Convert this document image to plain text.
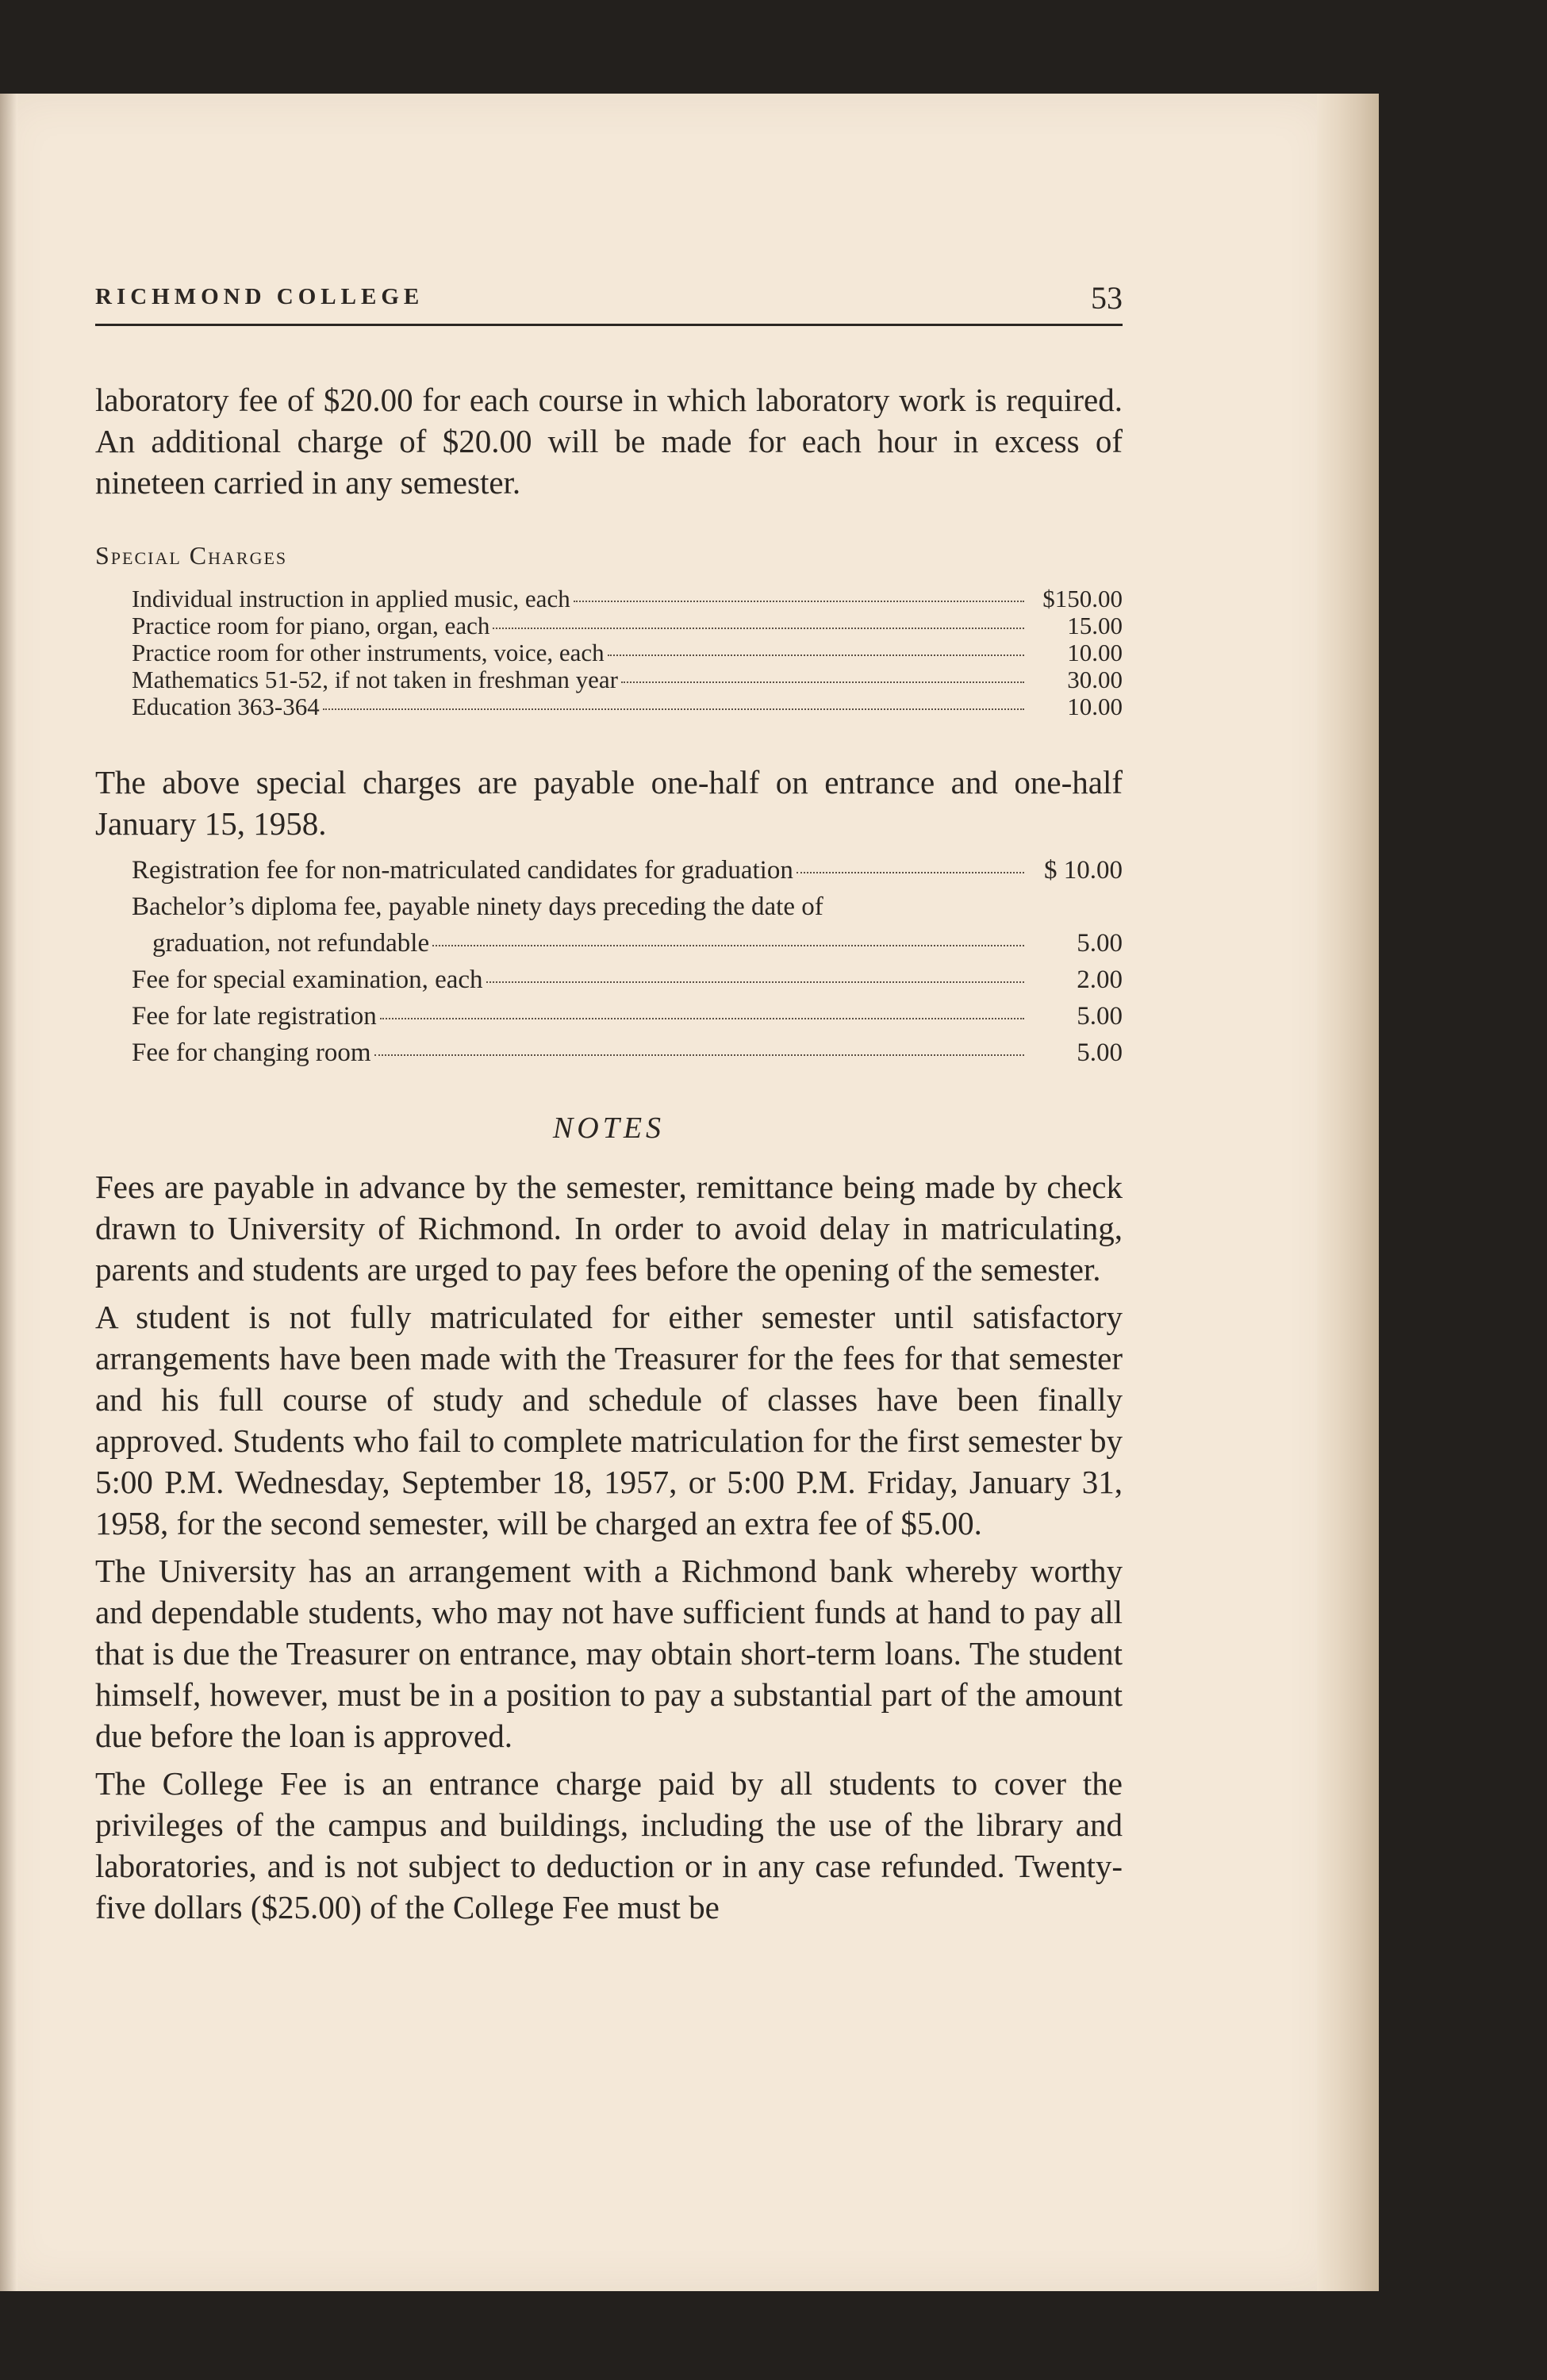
RICHMOND COLLEGE	53

laboratory fee of $20.00 for each course in which laboratory work is required. An additional charge of $20.00 will be made for each hour in excess of nineteen carried in any semester.

Special Charges
Individual instruction in applied music, each	$150.00
Practice room for piano, organ, each	15.00
Practice room for other instruments, voice, each	10.00
Mathematics 51-52, if not taken in freshman year	30.00
Education 363-364	10.00

The above special charges are payable one-half on entrance and one-half January 15, 1958.

Registration fee for non-matriculated candidates for graduation	$ 10.00
Bachelor’s diploma fee, payable ninety days preceding the date of
graduation, not refundable	5.00
Fee for special examination, each	2.00
Fee for late registration	5.00
Fee for changing room	5.00
NOTES

Fees are payable in advance by the semester, remittance being made by check drawn to University of Richmond. In order to avoid delay in matriculating, parents and students are urged to pay fees before the opening of the semester.

A student is not fully matriculated for either semester until satisfactory arrangements have been made with the Treasurer for the fees for that semester and his full course of study and schedule of classes have been finally approved. Students who fail to complete matriculation for the first semester by 5:00 P.M. Wednesday, September 18, 1957, or 5:00 P.M. Friday, January 31, 1958, for the second semester, will be charged an extra fee of $5.00.

The University has an arrangement with a Richmond bank whereby worthy and dependable students, who may not have sufficient funds at hand to pay all that is due the Treasurer on entrance, may obtain short-term loans. The student himself, however, must be in a position to pay a substantial part of the amount due before the loan is approved.

The College Fee is an entrance charge paid by all students to cover the privileges of the campus and buildings, including the use of the library and laboratories, and is not subject to deduction or in any case refunded. Twenty-five dollars ($25.00) of the College Fee must be
